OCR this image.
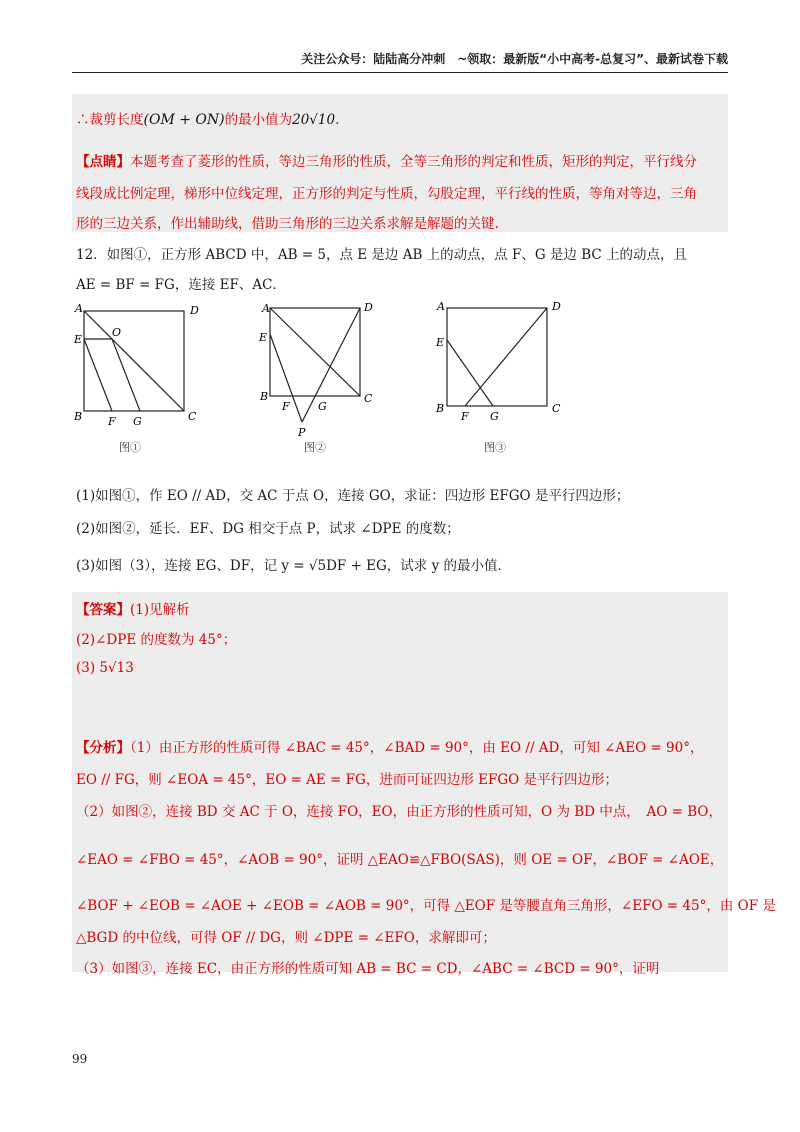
关注公众号：陆陆高分冲刺　~领取：最新版“小中高考-总复习”、最新试卷下载
∴裁剪长度(OM + ON)的最小值为20√10.
【点睛】本题考查了菱形的性质，等边三角形的性质，全等三角形的判定和性质，矩形的判定，平行线分
线段成比例定理，梯形中位线定理，正方形的判定与性质，勾股定理，平行线的性质，等角对等边，三角
形的三边关系，作出辅助线，借助三角形的三边关系求解是解题的关键.
12．如图①，正方形 ABCD 中，AB = 5，点 E 是边 AB 上的动点，点 F、G 是边 BC 上的动点，且
AE = BF = FG，连接 EF、AC．
A	D
E
O
B F G	C
图①
A	D
E
B
F	G
C
P
图②
A	D
E
B
F G
C
图③
(1)如图①，作 EO // AD，交 AC 于点 O，连接 GO，求证：四边形 EFGO 是平行四边形；
(2)如图②，延长．EF、DG 相交于点 P，试求 ∠DPE 的度数；
(3)如图（3），连接 EG、DF，记 y = √5DF + EG，试求 y 的最小值．
【答案】(1)见解析
(2)∠DPE 的度数为 45°；
(3) 5√13
【分析】（1）由正方形的性质可得 ∠BAC = 45°，∠BAD = 90°，由 EO // AD，可知 ∠AEO = 90°，
EO // FG，则 ∠EOA = 45°，EO = AE = FG，进而可证四边形 EFGO 是平行四边形；
（2）如图②，连接 BD 交 AC 于 O，连接 FO，EO，由正方形的性质可知，O 为 BD 中点，　AO = BO，
∠EAO = ∠FBO = 45°，∠AOB = 90°，证明 △EAO≌△FBO(SAS)，则 OE = OF，∠BOF = ∠AOE，
∠BOF + ∠EOB = ∠AOE + ∠EOB = ∠AOB = 90°，可得 △EOF 是等腰直角三角形，∠EFO = 45°，由 OF 是
△BGD 的中位线，可得 OF // DG，则 ∠DPE = ∠EFO，求解即可；
（3）如图③，连接 EC，由正方形的性质可知 AB = BC = CD，∠ABC = ∠BCD = 90°，证明
99
